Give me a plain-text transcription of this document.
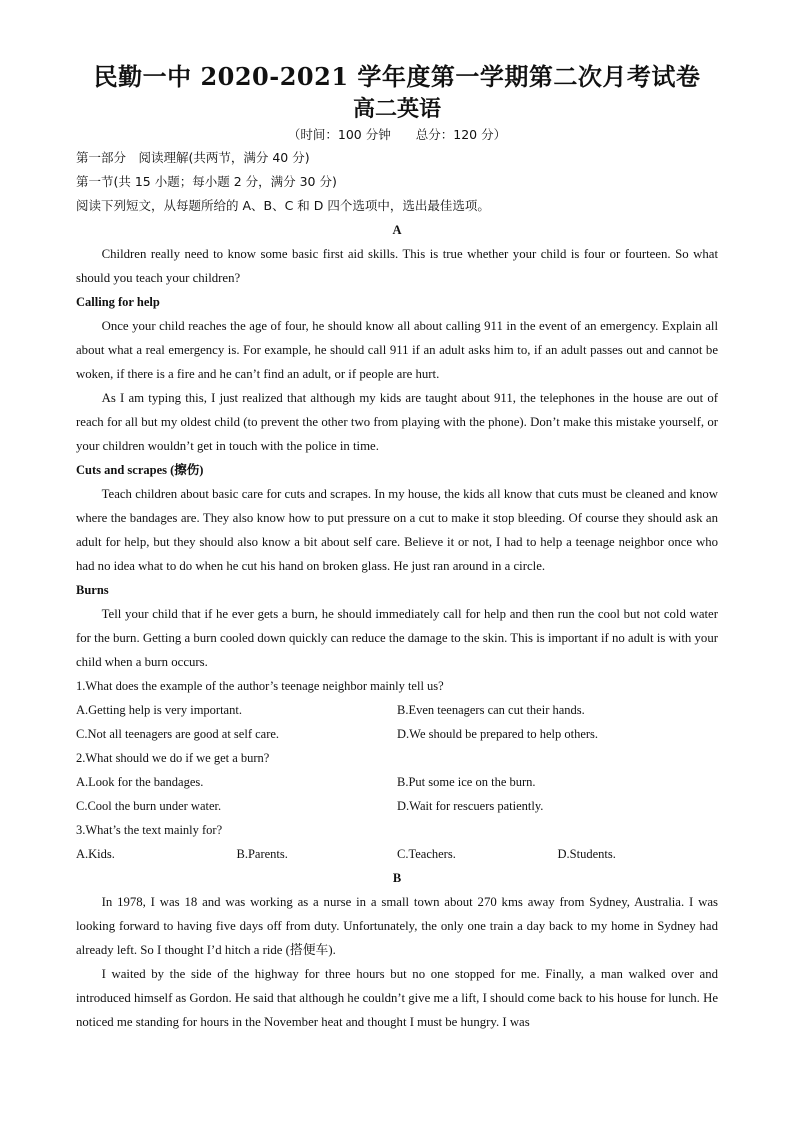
民勤一中 2020-2021 学年度第一学期第二次月考试卷
高二英语
（时间：100 分钟　　总分：120 分）
第一部分　阅读理解(共两节，满分 40 分)
第一节(共 15 小题；每小题 2 分，满分 30 分)
阅读下列短文，从每题所给的 A、B、C 和 D 四个选项中，选出最佳选项。
A

Children really need to know some basic first aid skills. This is true whether your child is four or fourteen. So what should you teach your children?

Calling for help

Once your child reaches the age of four, he should know all about calling 911 in the event of an emergency. Explain all about what a real emergency is. For example, he should call 911 if an adult asks him to, if an adult passes out and cannot be woken, if there is a fire and he can’t find an adult, or if people are hurt.

As I am typing this, I just realized that although my kids are taught about 911, the telephones in the house are out of reach for all but my oldest child (to prevent the other two from playing with the phone). Don’t make this mistake yourself, or your children wouldn’t get in touch with the police in time.

Cuts and scrapes (擦伤)

Teach children about basic care for cuts and scrapes. In my house, the kids all know that cuts must be cleaned and know where the bandages are. They also know how to put pressure on a cut to make it stop bleeding. Of course they should ask an adult for help, but they should also know a bit about self care. Believe it or not, I had to help a teenage neighbor once who had no idea what to do when he cut his hand on broken glass. He just ran around in a circle.

Burns

Tell your child that if he ever gets a burn, he should immediately call for help and then run the cool but not cold water for the burn. Getting a burn cooled down quickly can reduce the damage to the skin. This is important if no adult is with your child when a burn occurs.

1.What does the example of the author’s teenage neighbor mainly tell us?
A.Getting help is very important.	B.Even teenagers can cut their hands.
C.Not all teenagers are good at self care.	D.We should be prepared to help others.
2.What should we do if we get a burn?
A.Look for the bandages.	B.Put some ice on the burn.
C.Cool the burn under water.	D.Wait for rescuers patiently.
3.What’s the text mainly for?
A.Kids.	B.Parents.	C.Teachers.	D.Students.
B

In 1978, I was 18 and was working as a nurse in a small town about 270 kms away from Sydney, Australia. I was looking forward to having five days off from duty. Unfortunately, the only one train a day back to my home in Sydney had already left. So I thought I’d hitch a ride (搭便车).

I waited by the side of the highway for three hours but no one stopped for me. Finally, a man walked over and introduced himself as Gordon. He said that although he couldn’t give me a lift, I should come back to his house for lunch. He noticed me standing for hours in the November heat and thought I must be hungry. I was
